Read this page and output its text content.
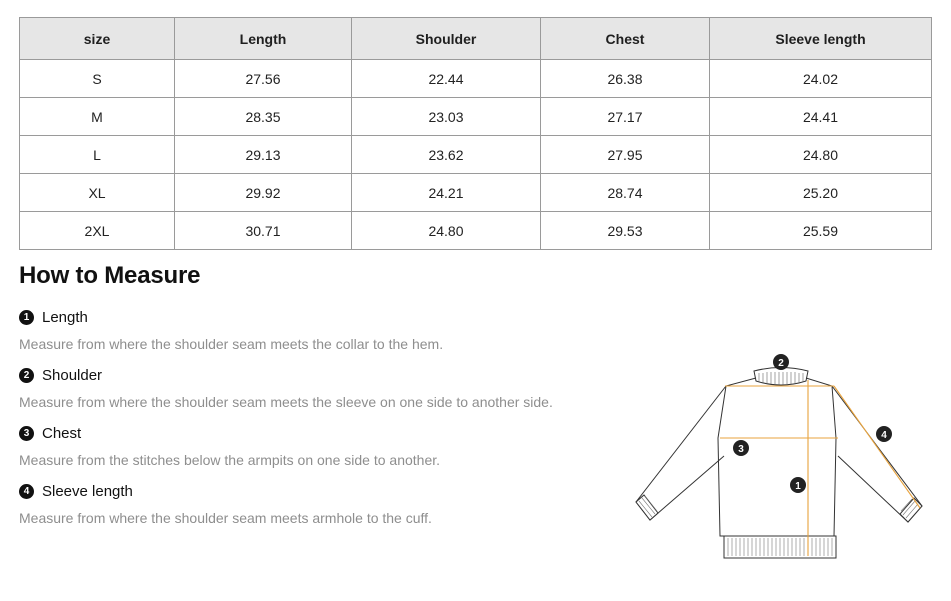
size	Length	Shoulder	Chest	Sleeve length
S	27.56	22.44	26.38	24.02
M	28.35	23.03	27.17	24.41
L	29.13	23.62	27.95	24.80
XL	29.92	24.21	28.74	25.20
2XL	30.71	24.80	29.53	25.59
How to Measure
1 Length
Measure from where the shoulder seam meets the collar to the hem.
2 Shoulder
Measure from where the shoulder seam meets the sleeve on one side to another side.
3 Chest
Measure from the stitches below the armpits on one side to another.
4 Sleeve length
Measure from where the shoulder seam meets armhole to the cuff.
2
3
1
4
